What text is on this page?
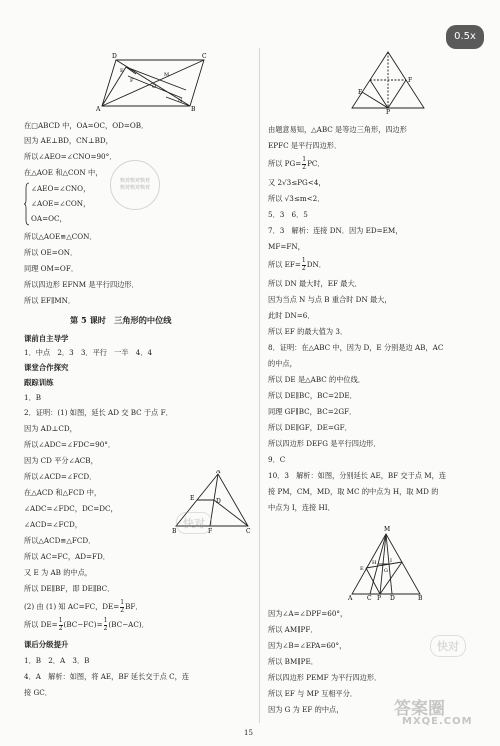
D	C
A	B
E
F
M
N
O
在□ABCD 中，OA=OC，OD=OB．
因为 AE⊥BD，CN⊥BD，
所以∠AEO=∠CNO=90°．
在△AOE 和△CON 中，
∠AEO=∠CNO，
∠AOE=∠CON，
OA=OC，
所以△AOE≌△CON．
所以 OE=ON．
同理 OM=OF．
所以四边形 EFNM 是平行四边形．
所以 EF∥MN．
第 5 课时　三角形的中位线
课前自主导学
1．中点　2．3　3．平行　一半　4．4
课堂合作探究
跟踪训练
1．B
2．证明：(1) 如图，延长 AD 交 BC 于点 F．
因为 AD⊥CD，
所以∠ADC=∠FDC=90°．
因为 CD 平分∠ACB，
所以∠ACD=∠FCD．
在△ACD 和△FCD 中，
∠ADC=∠FDC，DC=DC，
∠ACD=∠FCD，
所以△ACD≌△FCD．
所以 AC=FC，AD=FD．
又 E 为 AB 的中点，
所以 DE∥BF，即 DE∥BC．
A
E	D
B	F	C
(2) 由 (1) 知 AC=FC，$DE= \frac{1}{2}$ BF．
所以 $DE= \frac{1}{2} (BC-FC)= \frac{1}{2} (BC-AC)$．
课后分级提升
1．B　2．A　3．B
4．A　解析：如图，将 AE，BF 延长交于点 C，连
接 GC．
E
F
P
由题意易知，△ABC 是等边三角形，四边形
EPFC 是平行四边形．
所以 $PG= \frac{1}{2}$ PC．
又 2√3≤PG<4，
所以 √3≤m<2．
5．3　6．5
7．3　解析：连接 DN．因为 ED=EM，
MF=FN，
所以 $EF= \frac{1}{2}$ DN．
所以 DN 最大时，EF 最大．
因为当点 N 与点 B 重合时 DN 最大，
此时 DN=6．
所以 EF 的最大值为 3．
8．证明：在△ABC 中，因为 D，E 分别是边 AB，AC
的中点，
所以 DE 是△ABC 的中位线．
所以 DE∥BC，BC=2DE．
同理 GF∥BC，BC=2GF．
所以 DE∥GF，DE=GF．
所以四边形 DEFG 是平行四边形．
9．C
10．3　解析：如图，分别延长 AE，BF 交于点 M，连
接 PM，CM，MD，取 MC 的中点为 H，取 MD 的
中点为 I，连接 HI．
M
H	I
E	G
A C P D	B
因为∠A=∠DPF=60°，
所以 AM∥PF．
因为∠B=∠EPA=60°，
所以 BM∥PE．
所以四边形 PEMF 为平行四边形．
所以 EF 与 MP 互相平分．
因为 G 为 EF 的中点，
快对快对快对
快对快对快对
快对
快对
答案圈
MXQE.COM
15
0.5x
